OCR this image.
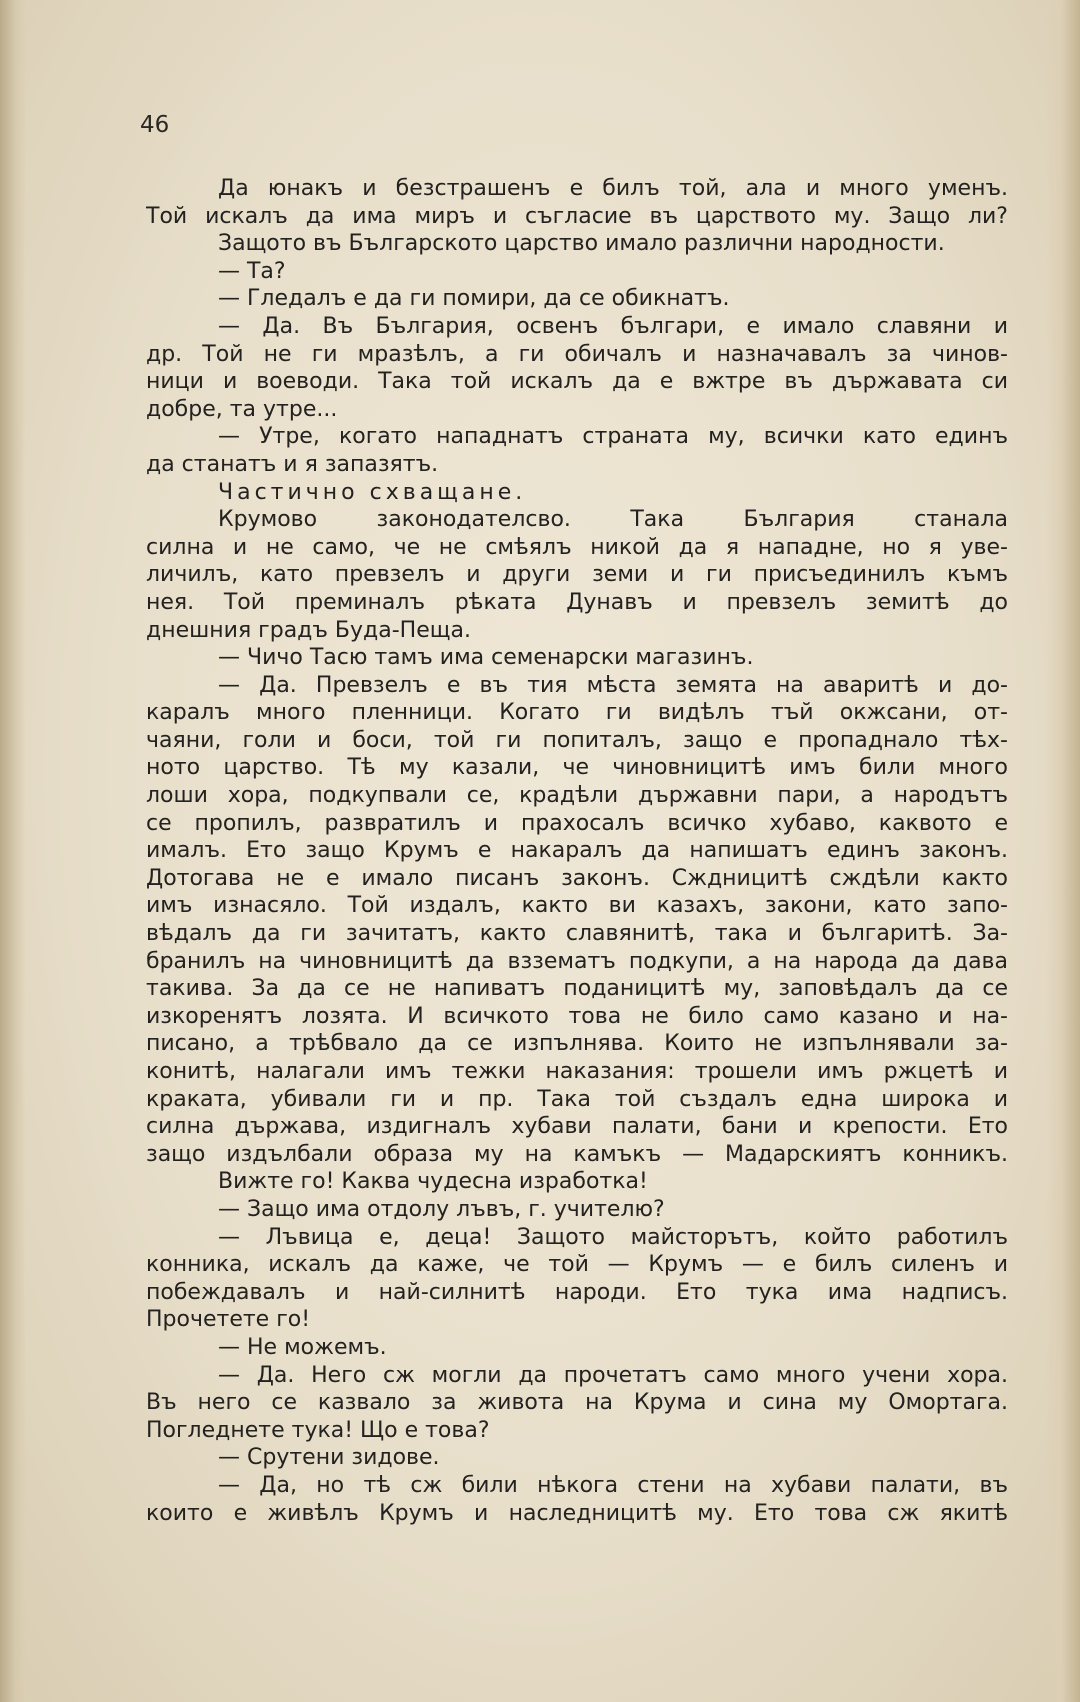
46
Да юнакъ и безстрашенъ е билъ той, ала и много уменъ.
Той искалъ да има миръ и съгласие въ царството му. Защо ли?
Защото въ Българското царство имало различни народности.
— Та?
— Гледалъ е да ги помири, да се обикнатъ.
— Да. Въ България, освенъ българи, е имало славяни и
др. Той не ги мразѣлъ, а ги обичалъ и назначавалъ за чинов-
ници и воеводи. Така той искалъ да е вжтре въ държавата си
добре, та утре...
— Утре, когато нападнатъ страната му, всички като единъ
да станатъ и я запазятъ.
Частично схващане.
Крумово законодателсво. Така България станала
силна и не само, че не смѣялъ никой да я нападне, но я уве-
личилъ, като превзелъ и други земи и ги присъединилъ къмъ
нея. Той преминалъ рѣката Дунавъ и превзелъ земитѣ до
днешния градъ Буда-Пеща.
— Чичо Тасю тамъ има семенарски магазинъ.
— Да. Превзелъ е въ тия мѣста земята на аваритѣ и до-
каралъ много пленници. Когато ги видѣлъ тъй окжсани, от-
чаяни, голи и боси, той ги попиталъ, защо е пропаднало тѣх-
ното царство. Тѣ му казали, че чиновницитѣ имъ били много
лоши хора, подкупвали се, крадѣли държавни пари, а народътъ
се пропилъ, развратилъ и прахосалъ всичко хубаво, каквото е
ималъ. Ето защо Крумъ е накаралъ да напишатъ единъ законъ.
Дотогава не е имало писанъ законъ. Сждницитѣ сждѣли както
имъ изнасяло. Той издалъ, както ви казахъ, закони, като запо-
вѣдалъ да ги зачитатъ, както славянитѣ, така и българитѣ. За-
бранилъ на чиновницитѣ да вззематъ подкупи, а на народа да дава
такива. За да се не напиватъ поданицитѣ му, заповѣдалъ да се
изкоренятъ лозята. И всичкото това не било само казано и на-
писано, а трѣбвало да се изпълнява. Които не изпълнявали за-
конитѣ, налагали имъ тежки наказания: трошели имъ ржцетѣ и
краката, убивали ги и пр. Така той създалъ една широка и
силна държава, издигналъ хубави палати, бани и крепости. Ето
защо издълбали образа му на камъкъ — Мадарскиятъ конникъ.
Вижте го! Каква чудесна изработка!
— Защо има отдолу лъвъ, г. учителю?
— Лъвица е, деца! Защото майсторътъ, който работилъ
конника, искалъ да каже, че той — Крумъ — е билъ силенъ и
побеждавалъ и най-силнитѣ народи. Ето тука има надписъ.
Прочетете го!
— Не можемъ.
— Да. Него сж могли да прочетатъ само много учени хора.
Въ него се казвало за живота на Крума и сина му Омортага.
Погледнете тука! Що е това?
— Срутени зидове.
— Да, но тѣ сж били нѣкога стени на хубави палати, въ
които е живѣлъ Крумъ и наследницитѣ му. Ето това сж якитѣ
